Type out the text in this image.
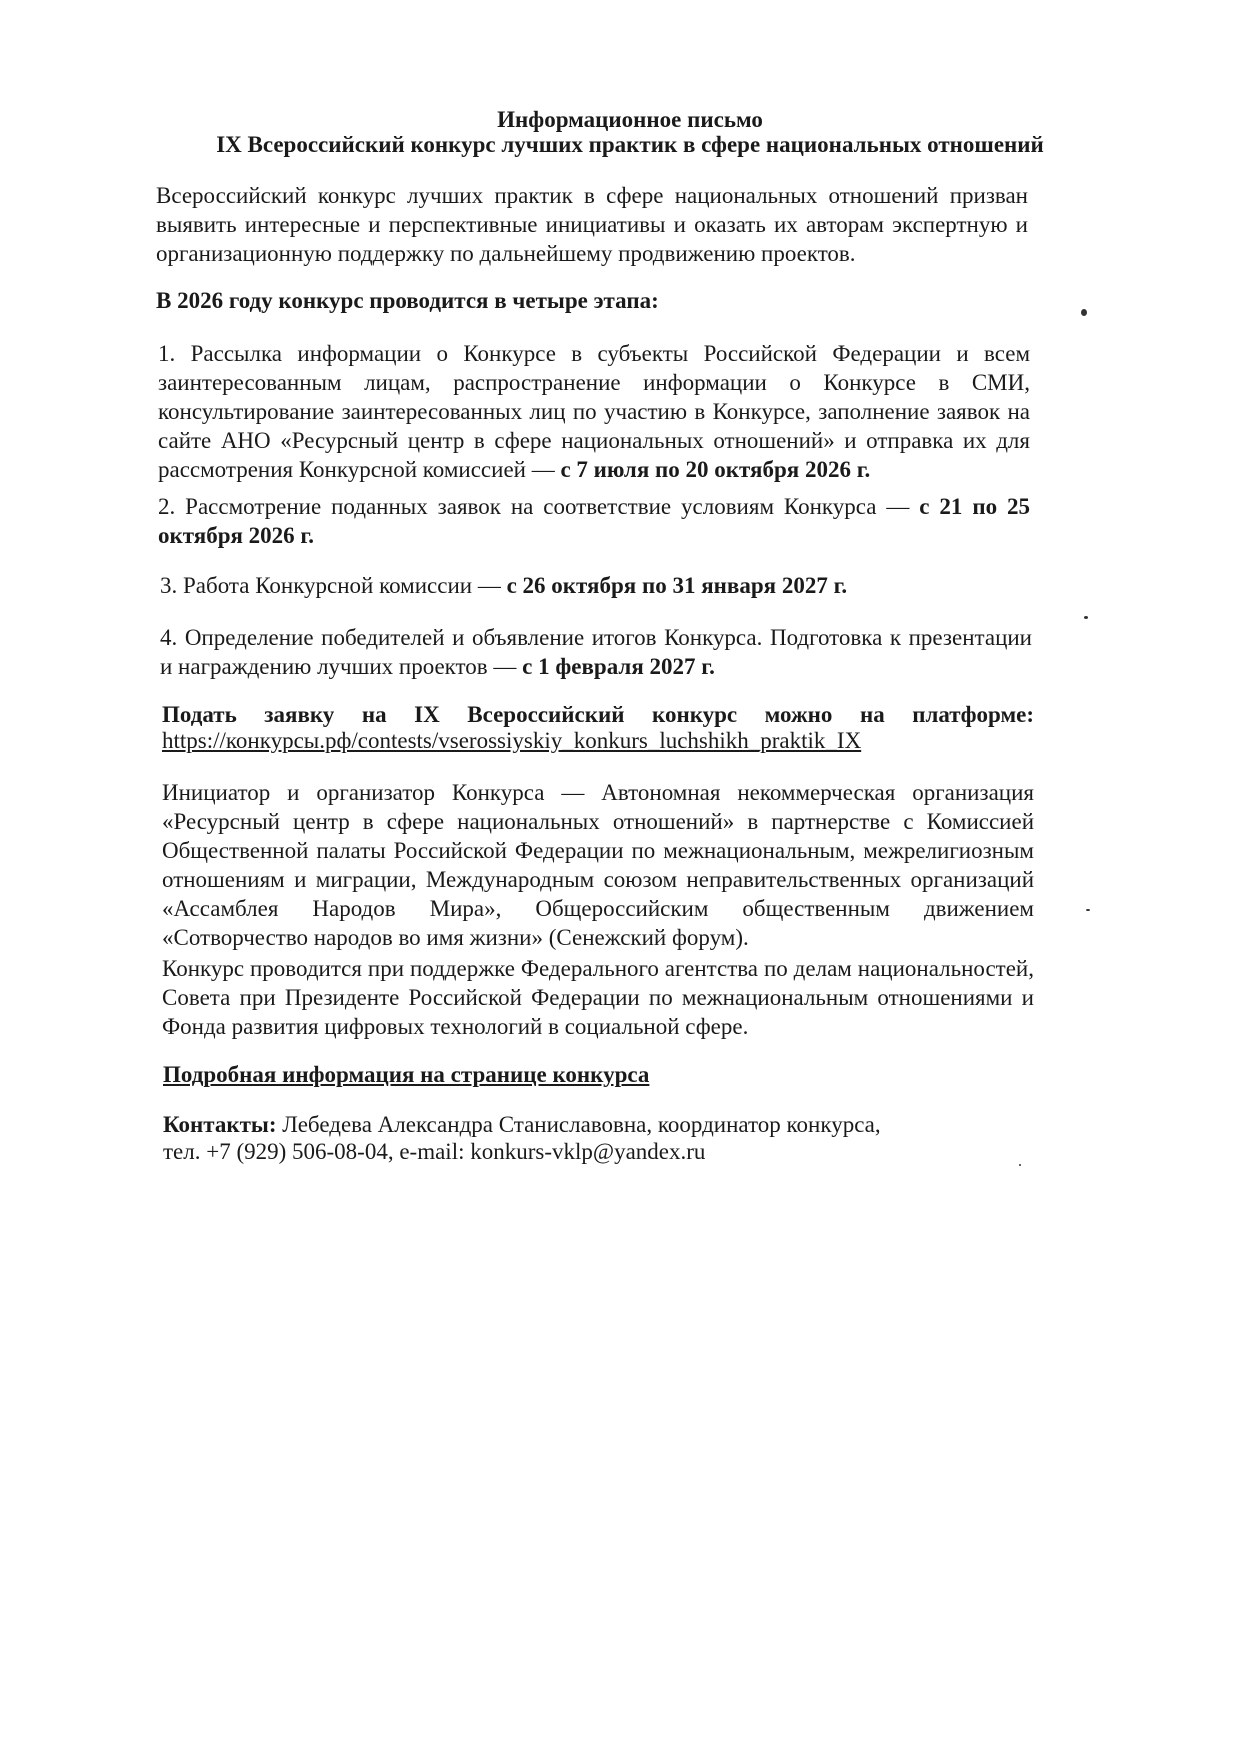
Информационное письмо
IX Всероссийский конкурс лучших практик в сфере национальных отношений
Всероссийский конкурс лучших практик в сфере национальных отношений призван выявить интересные и перспективные инициативы и оказать их авторам экспертную и организационную поддержку по дальнейшему продвижению проектов.
В 2026 году конкурс проводится в четыре этапа:
1. Рассылка информации о Конкурсе в субъекты Российской Федерации и всем заинтересованным лицам, распространение информации о Конкурсе в СМИ, консультирование заинтересованных лиц по участию в Конкурсе, заполнение заявок на сайте АНО «Ресурсный центр в сфере национальных отношений» и отправка их для рассмотрения Конкурсной комиссией — с 7 июля по 20 октября 2026 г.
2. Рассмотрение поданных заявок на соответствие условиям Конкурса — с 21 по 25 октября 2026 г.
3. Работа Конкурсной комиссии — с 26 октября по 31 января 2027 г.
4. Определение победителей и объявление итогов Конкурса. Подготовка к презентации и награждению лучших проектов — с 1 февраля 2027 г.
Подать заявку на IX Всероссийский конкурс можно на платформе:
https://конкурсы.рф/contests/vserossiyskiy_konkurs_luchshikh_praktik_IX
Инициатор и организатор Конкурса — Автономная некоммерческая организация «Ресурсный центр в сфере национальных отношений» в партнерстве с Комиссией Общественной палаты Российской Федерации по межнациональным, межрелигиозным отношениям и миграции, Международным союзом неправительственных организаций «Ассамблея Народов Мира», Общероссийским общественным движением «Сотворчество народов во имя жизни» (Сенежский форум).
Конкурс проводится при поддержке Федерального агентства по делам национальностей, Совета при Президенте Российской Федерации по межнациональным отношениями и Фонда развития цифровых технологий в социальной сфере.
Подробная информация на странице конкурса
Контакты: Лебедева Александра Станиславовна, координатор конкурса,
тел. +7 (929) 506-08-04, e-mail: konkurs-vklp@yandex.ru
